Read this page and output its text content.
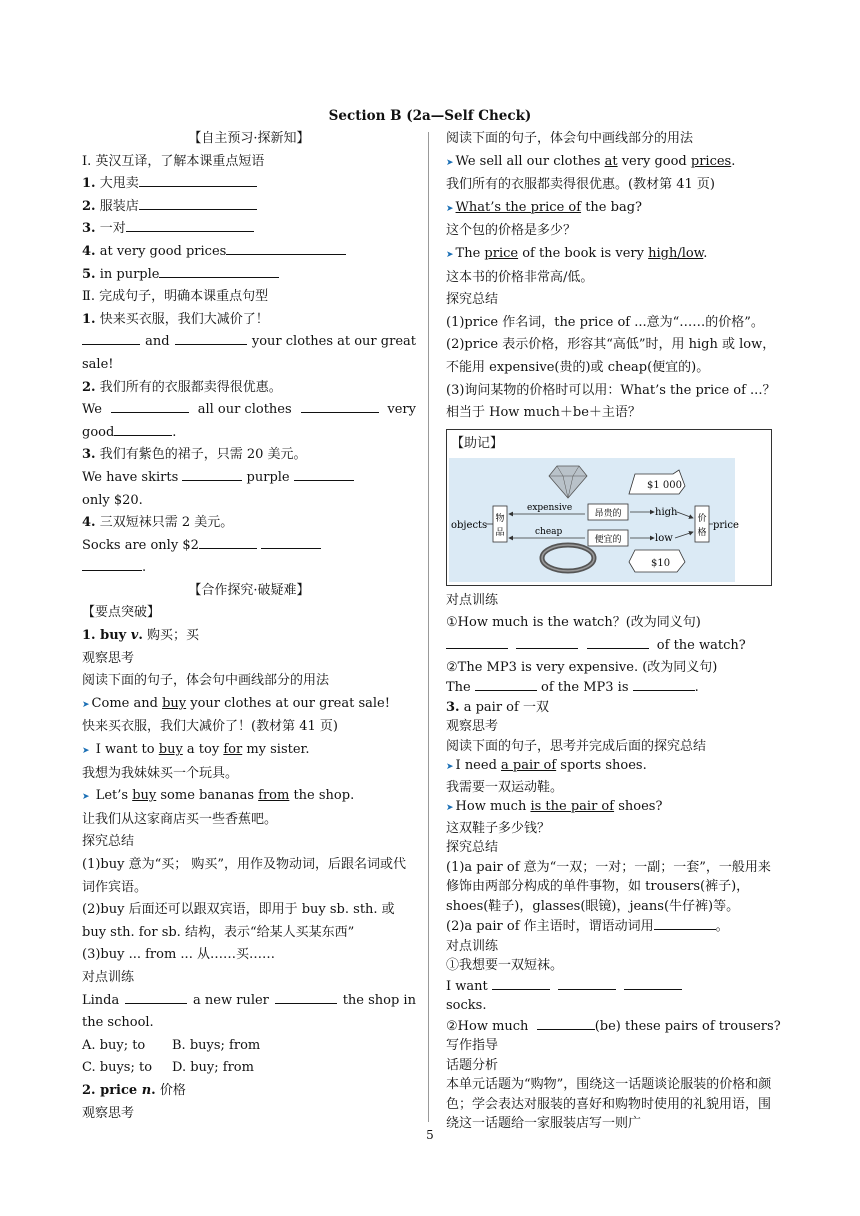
Section B (2a—Self Check)
【自主预习·探新知】
Ⅰ. 英汉互译，了解本课重点短语
1. 大甩卖
2. 服装店
3. 一对
4. at very good prices
5. in purple
Ⅱ. 完成句子，明确本课重点句型
1. 快来买衣服，我们大减价了！
and	your clothes at our great
sale!
2. 我们所有的衣服都卖得很优惠。
We	all our clothes	very
good	.
3. 我们有紫色的裙子，只需 20 美元。
We have skirts	purple
only $20.
4. 三双短袜只需 2 美元。
Socks are only $2
.
【合作探究·破疑难】
【要点突破】
1. buy v. 购买；买
观察思考
阅读下面的句子，体会句中画线部分的用法
➤ Come and buy your clothes at our great sale!
快来买衣服，我们大减价了！(教材第 41 页)
➤ I want to buy a toy for my sister.
我想为我妹妹买一个玩具。
➤ Let’s buy some bananas from the shop.
让我们从这家商店买一些香蕉吧。
探究总结
(1)buy 意为“买； 购买”，用作及物动词，后跟名词或代词作宾语。
(2)buy 后面还可以跟双宾语，即用于 buy sb. sth. 或 buy sth. for sb. 结构，表示“给某人买某东西”
(3)buy ... from ... 从……买……
对点训练
Linda	a new ruler	the shop in
the school.
A. buy; to B. buys; from
C. buys; to D. buy; from
2. price n. 价格
观察思考
阅读下面的句子，体会句中画线部分的用法
➤ We sell all our clothes at very good prices.
我们所有的衣服都卖得很优惠。(教材第 41 页)
➤ What’s the price of the bag?
这个包的价格是多少？
➤ The price of the book is very high/low.
这本书的价格非常高/低。
探究总结
(1)price 作名词，the price of ...意为“……的价格”。
(2)price 表示价格，形容其“高低”时，用 high 或 low，不能用 expensive(贵的)或 cheap(便宜的)。
(3)询问某物的价格时可以用：What’s the price of ...？相当于 How much＋be＋主语？
【助记】
$1 000
$10
objects
物
品
expensive
昂贵的	high
cheap
便宜的	low
价
格
price
对点训练
①How much is the watch？(改为同义句)
of the watch?
②The MP3 is very expensive. (改为同义句)
The	of the MP3 is	.
3. a pair of 一双
观察思考
阅读下面的句子，思考并完成后面的探究总结
➤ I need a pair of sports shoes.
我需要一双运动鞋。
➤ How much is the pair of shoes?
这双鞋子多少钱？
探究总结
(1)a pair of 意为“一双；一对；一副；一套”，一般用来修饰由两部分构成的单件事物，如 trousers(裤子)，shoes(鞋子)，glasses(眼镜)，jeans(牛仔裤)等。
(2)a pair of 作主语时，谓语动词用	。
对点训练
①我想要一双短袜。
I want
socks.
②How much	(be) these pairs of trousers?
写作指导
话题分析
本单元话题为“购物”，围绕这一话题谈论服装的价格和颜色；学会表达对服装的喜好和购物时使用的礼貌用语，围绕这一话题给一家服装店写一则广
5
